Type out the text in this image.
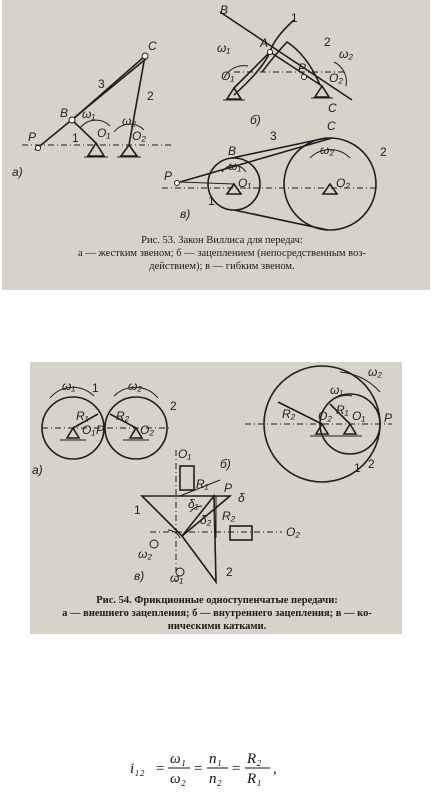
P
B
C
3
2
1
ω₁ ω₂
O₁ O₂
а)
B
A
P
C
1
2
ω₁	ω₂
O₁	O₂
б)
P
B
C
3
2
1
ω₁
ω₂
O₁	O₂
в)
Рис. 53. Закон Виллиса для передач:
а — жестким звеном; б — зацеплением (непосредственным воз-
действием); в — гибким звеном.
ω₁	ω₂
R₁ R₂
O₁	O₂
P
1
2
а)
ω₂
ω₁
R₂	R₁
O₂ O₁ P
1 2
б)
O₁
O₂
R₁
R₂
δ
δ₁
δ₂
P
ω₂
ω₁
1
2
в)
Рис. 54. Фрикционные одноступенчатые передачи:
а — внешнего зацепления; б — внутреннего зацепления; в — ко-
ническими катками.
i₁₂ =
ω₁
ω₂
=
n₁
n₂
=
R₂
R₁
,
